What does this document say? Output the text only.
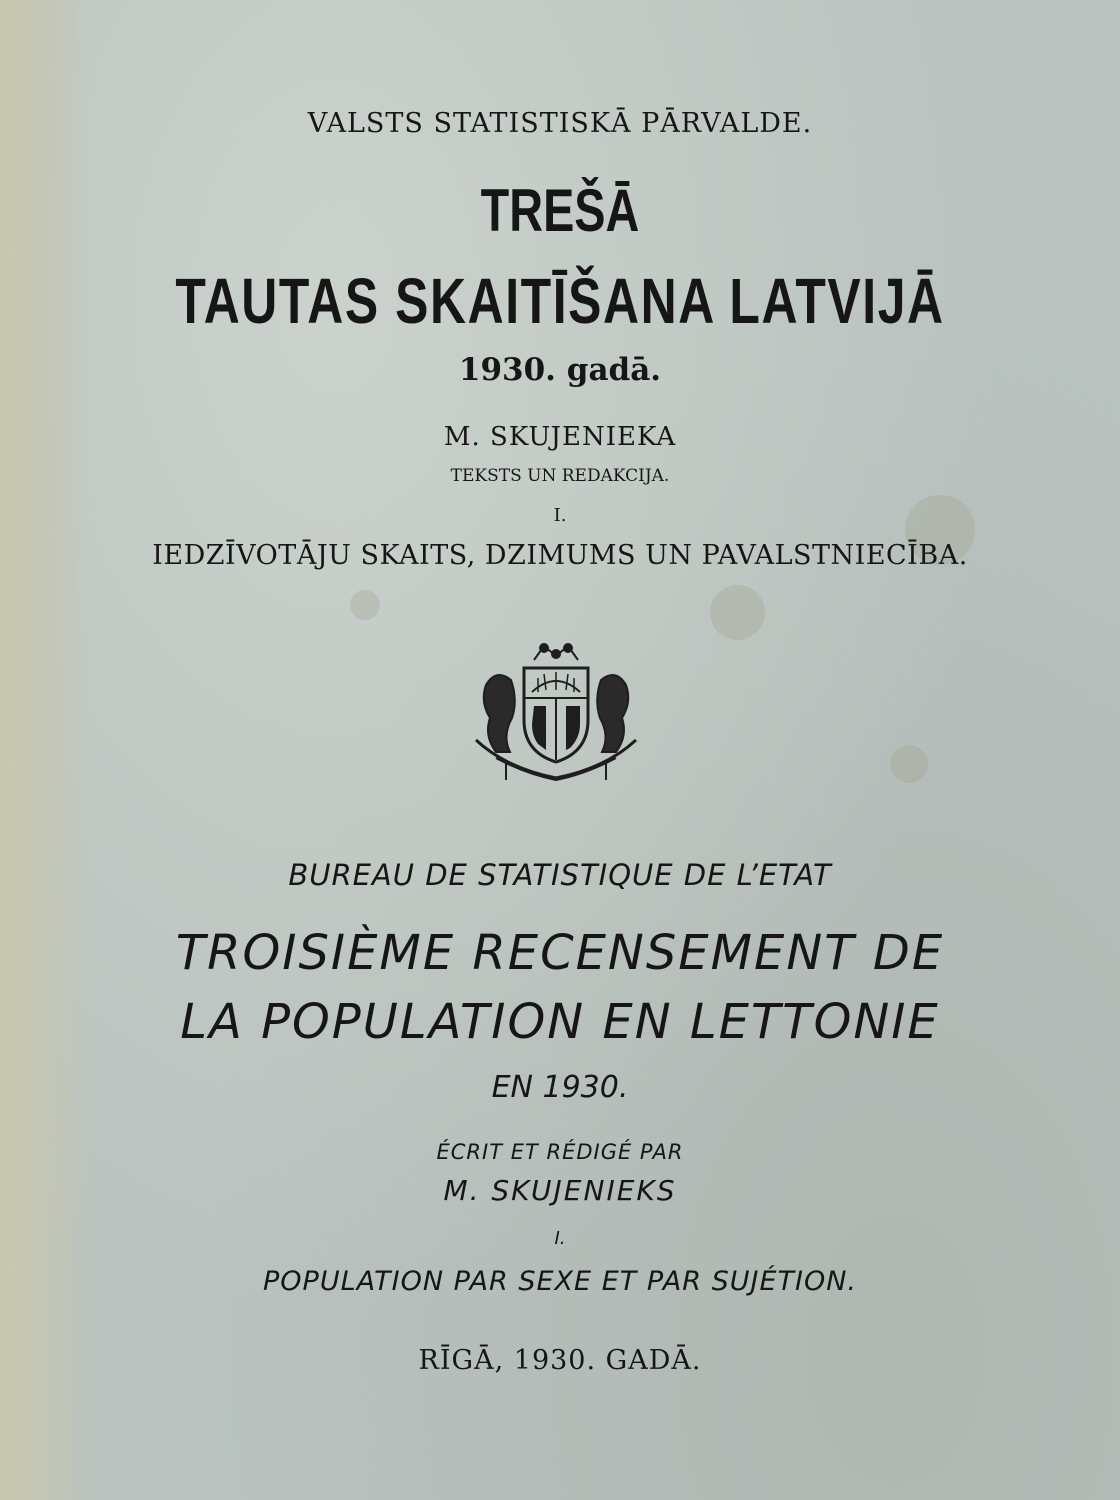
VALSTS STATISTISKĀ PĀRVALDE.
TREŠĀ
TAUTAS SKAITĪŠANA LATVIJĀ
1930. gadā.
M. SKUJENIEKA
TEKSTS UN REDAKCIJA.
I.
IEDZĪVOTĀJU SKAITS, DZIMUMS UN PAVALSTNIECĪBA.
BUREAU DE STATISTIQUE DE L’ETAT
TROISIÈME RECENSEMENT DE
LA POPULATION EN LETTONIE
EN 1930.
ÉCRIT ET RÉDIGÉ PAR
M. SKUJENIEKS
I.
POPULATION PAR SEXE ET PAR SUJÉTION.
RĪGĀ, 1930. GADĀ.
